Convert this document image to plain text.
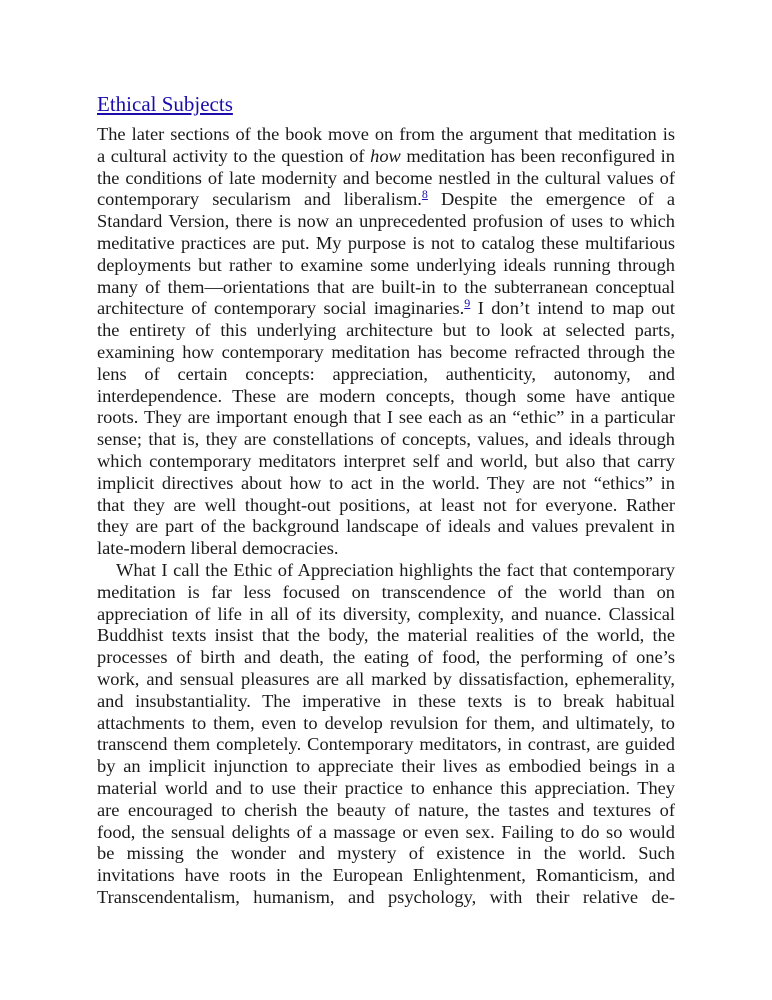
Ethical Subjects
The later sections of the book move on from the argument that meditation is
a cultural activity to the question of how meditation has been reconfigured in
the conditions of late modernity and become nestled in the cultural values of
contemporary secularism and liberalism.$^8$ Despite the emergence of a
Standard Version, there is now an unprecedented profusion of uses to which
meditative practices are put. My purpose is not to catalog these multifarious
deployments but rather to examine some underlying ideals running through
many of them—orientations that are built-in to the subterranean conceptual
architecture of contemporary social imaginaries.$^9$ I don’t intend to map out
the entirety of this underlying architecture but to look at selected parts,
examining how contemporary meditation has become refracted through the
lens of certain concepts: appreciation, authenticity, autonomy, and
interdependence. These are modern concepts, though some have antique
roots. They are important enough that I see each as an “ethic” in a particular
sense; that is, they are constellations of concepts, values, and ideals through
which contemporary meditators interpret self and world, but also that carry
implicit directives about how to act in the world. They are not “ethics” in
that they are well thought-out positions, at least not for everyone. Rather
they are part of the background landscape of ideals and values prevalent in
late-modern liberal democracies.
What I call the Ethic of Appreciation highlights the fact that contemporary
meditation is far less focused on transcendence of the world than on
appreciation of life in all of its diversity, complexity, and nuance. Classical
Buddhist texts insist that the body, the material realities of the world, the
processes of birth and death, the eating of food, the performing of one’s
work, and sensual pleasures are all marked by dissatisfaction, ephemerality,
and insubstantiality. The imperative in these texts is to break habitual
attachments to them, even to develop revulsion for them, and ultimately, to
transcend them completely. Contemporary meditators, in contrast, are guided
by an implicit injunction to appreciate their lives as embodied beings in a
material world and to use their practice to enhance this appreciation. They
are encouraged to cherish the beauty of nature, the tastes and textures of
food, the sensual delights of a massage or even sex. Failing to do so would
be missing the wonder and mystery of existence in the world. Such
invitations have roots in the European Enlightenment, Romanticism, and
Transcendentalism, humanism, and psychology, with their relative de-
